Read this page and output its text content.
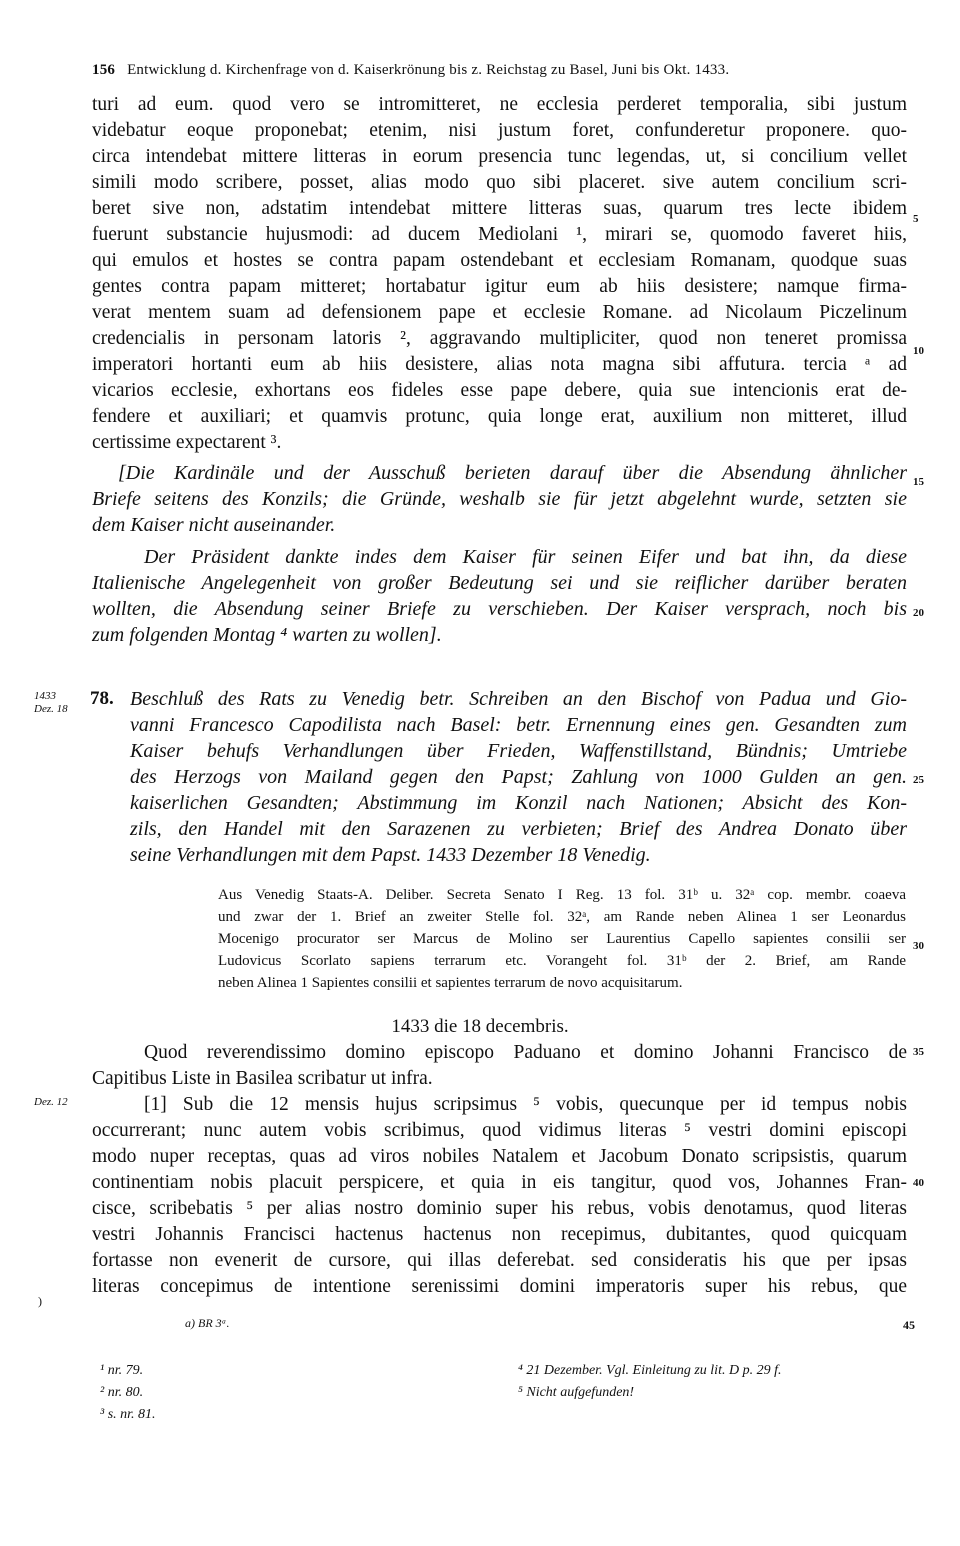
156 Entwicklung d. Kirchenfrage von d. Kaiserkrönung bis z. Reichstag zu Basel, Juni bis Okt. 1433.
turi ad eum. quod vero se intromitteret, ne ecclesia perderet temporalia, sibi justum
videbatur eoque proponebat; etenim, nisi justum foret, confunderetur proponere. quo-
circa intendebat mittere litteras in eorum presencia tunc legendas, ut, si concilium vellet
simili modo scribere, posset, alias modo quo sibi placeret. sive autem concilium scri-
beret sive non, adstatim intendebat mittere litteras suas, quarum tres lecte ibidem
fuerunt substancie hujusmodi: ad ducem Mediolani ¹, mirari se, quomodo faveret hiis,
qui emulos et hostes se contra papam ostendebant et ecclesiam Romanam, quodque suas
gentes contra papam mitteret; hortabatur igitur eum ab hiis desistere; namque firma-
verat mentem suam ad defensionem pape et ecclesie Romane. ad Nicolaum Piczelinum
credencialis in personam latoris ², aggravando multipliciter, quod non teneret promissa
imperatori hortanti eum ab hiis desistere, alias nota magna sibi affutura. tercia ᵃ ad
vicarios ecclesie, exhortans eos fideles esse pape debere, quia sue intencionis erat de-
fendere et auxiliari; et quamvis protunc, quia longe erat, auxilium non mitteret, illud
certissime expectarent ³.
[Die Kardinäle und der Ausschuß berieten darauf über die Absendung ähnlicher
Briefe seitens des Konzils; die Gründe, weshalb sie für jetzt abgelehnt wurde, setzten sie
dem Kaiser nicht auseinander.
Der Präsident dankte indes dem Kaiser für seinen Eifer und bat ihn, da diese
Italienische Angelegenheit von großer Bedeutung sei und sie reiflicher darüber beraten
wollten, die Absendung seiner Briefe zu verschieben. Der Kaiser versprach, noch bis
zum folgenden Montag ⁴ warten zu wollen].
5
10
15
20
25
30
35
40
45
1433
Dez. 18 78. Beschluß des Rats zu Venedig betr. Schreiben an den Bischof von Padua und Gio-
vanni Francesco Capodilista nach Basel: betr. Ernennung eines gen. Gesandten zum
Kaiser behufs Verhandlungen über Frieden, Waffenstillstand, Bündnis; Umtriebe
des Herzogs von Mailand gegen den Papst; Zahlung von 1000 Gulden an gen.
kaiserlichen Gesandten; Abstimmung im Konzil nach Nationen; Absicht des Kon-
zils, den Handel mit den Sarazenen zu verbieten; Brief des Andrea Donato über
seine Verhandlungen mit dem Papst. 1433 Dezember 18 Venedig.
Aus Venedig Staats-A. Deliber. Secreta Senato I Reg. 13 fol. 31ᵇ u. 32ᵃ cop. membr. coaeva
und zwar der 1. Brief an zweiter Stelle fol. 32ᵃ, am Rande neben Alinea 1 ser Leonardus
Mocenigo procurator ser Marcus de Molino ser Laurentius Capello sapientes consilii ser
Ludovicus Scorlato sapiens terrarum etc. Vorangeht fol. 31ᵇ der 2. Brief, am Rande
neben Alinea 1 Sapientes consilii et sapientes terrarum de novo acquisitarum.
1433 die 18 decembris.
Quod reverendissimo domino episcopo Paduano et domino Johanni Francisco de
Capitibus Liste in Basilea scribatur ut infra.
Dez. 12	[1] Sub die 12 mensis hujus scripsimus ⁵ vobis, quecunque per id tempus nobis
occurrerant; nunc autem vobis scribimus, quod vidimus literas ⁵ vestri domini episcopi
modo nuper receptas, quas ad viros nobiles Natalem et Jacobum Donato scripsistis, quarum
continentiam nobis placuit perspicere, et quia in eis tangitur, quod vos, Johannes Fran-
cisce, scribebatis ⁵ per alias nostro dominio super his rebus, vobis denotamus, quod literas
vestri Johannis Francisci hactenus hactenus non recepimus, dubitantes, quod quicquam
fortasse non evenerit de cursore, qui illas deferebat. sed consideratis his que per ipsas
literas concepimus de intentione serenissimi domini imperatoris super his rebus, que
)
a) BR 3ᵃ.
¹ nr. 79.
² nr. 80.
³ s. nr. 81.
⁴ 21 Dezember. Vgl. Einleitung zu lit. D p. 29 f.
⁵ Nicht aufgefunden!
